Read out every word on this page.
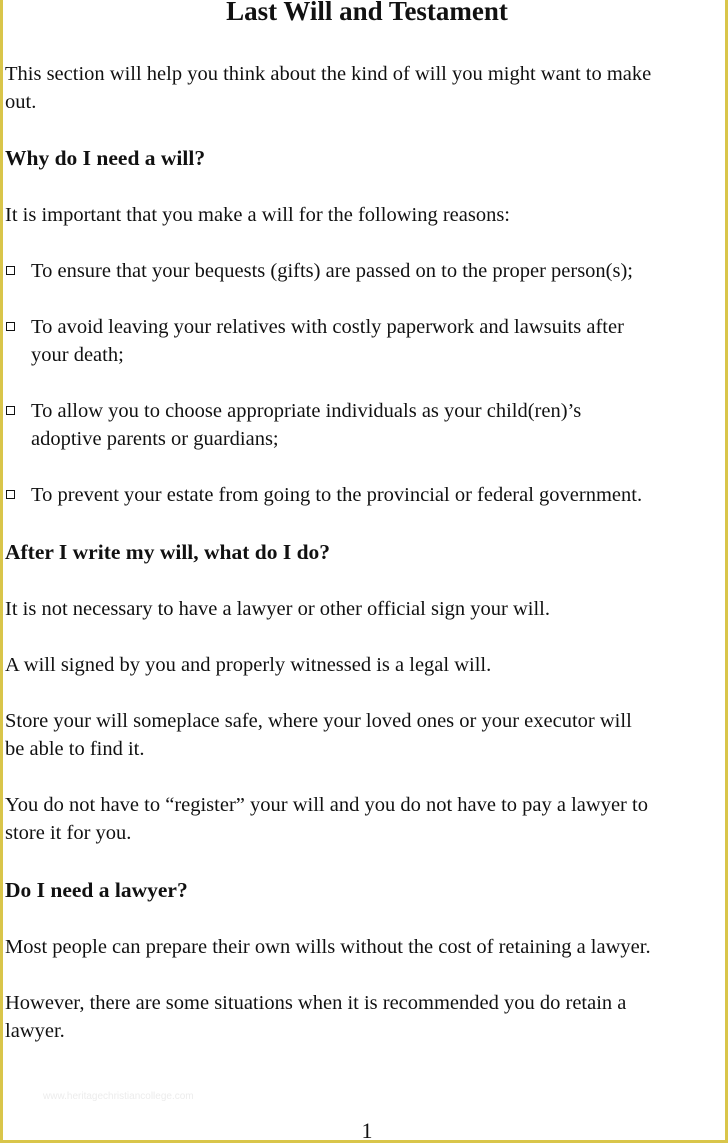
Last Will and Testament
This section will help you think about the kind of will you might want to make
out.
Why do I need a will?
It is important that you make a will for the following reasons:
To ensure that your bequests (gifts) are passed on to the proper person(s);
To avoid leaving your relatives with costly paperwork and lawsuits after
your death;
To allow you to choose appropriate individuals as your child(ren)’s
adoptive parents or guardians;
To prevent your estate from going to the provincial or federal government.
After I write my will, what do I do?
It is not necessary to have a lawyer or other official sign your will.
A will signed by you and properly witnessed is a legal will.
Store your will someplace safe, where your loved ones or your executor will
be able to find it.
You do not have to “register” your will and you do not have to pay a lawyer to
store it for you.
Do I need a lawyer?
Most people can prepare their own wills without the cost of retaining a lawyer.
However, there are some situations when it is recommended you do retain a
lawyer.
www.heritagechristiancollege.com
1
